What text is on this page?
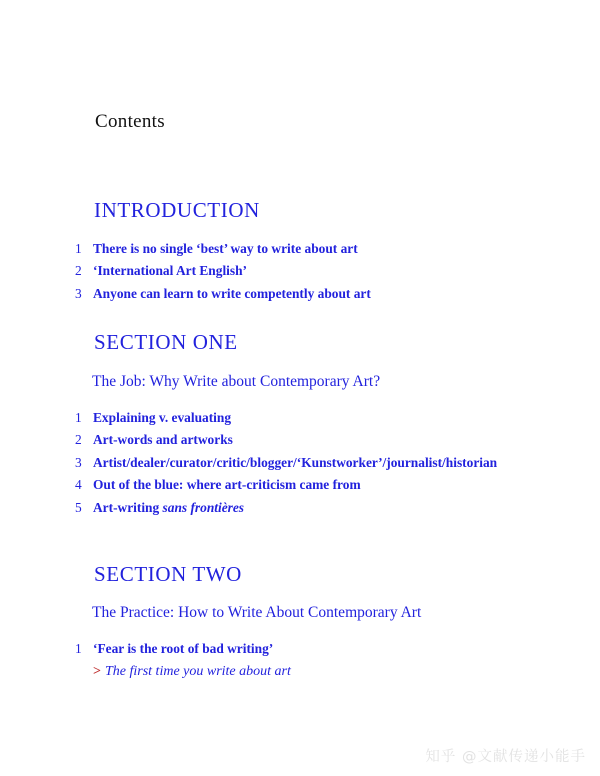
Contents
INTRODUCTION
1 There is no single ‘best’ way to write about art
2 ‘International Art English’
3 Anyone can learn to write competently about art
SECTION ONE
The Job: Why Write about Contemporary Art?
1 Explaining v. evaluating
2 Art-words and artworks
3 Artist/dealer/curator/critic/blogger/‘Kunstworker’/journalist/historian
4 Out of the blue: where art-criticism came from
5 Art-writing sans frontières
SECTION TWO
The Practice: How to Write About Contemporary Art
1 ‘Fear is the root of bad writing’
> The first time you write about art
知乎 @文献传递小能手
